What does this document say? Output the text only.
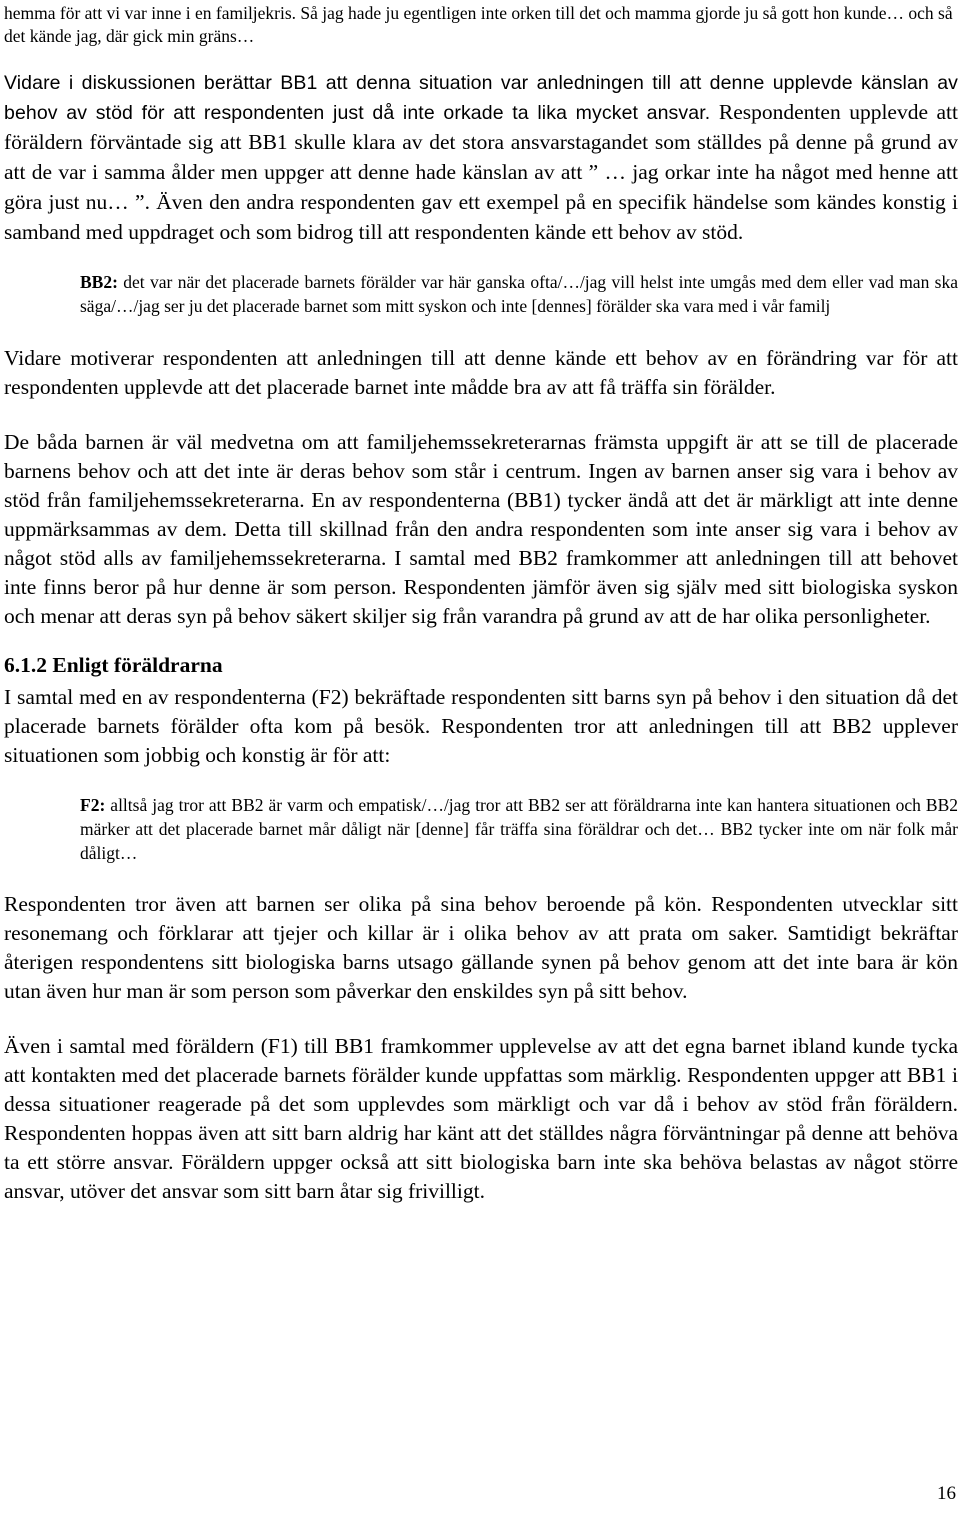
hemma för att vi var inne i en familjekris. Så jag hade ju egentligen inte orken till det och mamma gjorde ju så gott hon kunde… och så det kände jag, där gick min gräns…

Vidare i diskussionen berättar BB1 att denna situation var anledningen till att denne upplevde känslan av behov av stöd för att respondenten just då inte orkade ta lika mycket ansvar. Respondenten upplevde att föräldern förväntade sig att BB1 skulle klara av det stora ansvarstagandet som ställdes på denne på grund av att de var i samma ålder men uppger att denne hade känslan av att ” … jag orkar inte ha något med henne att göra just nu… ”. Även den andra respondenten gav ett exempel på en specifik händelse som kändes konstig i samband med uppdraget och som bidrog till att respondenten kände ett behov av stöd.

BB2: det var när det placerade barnets förälder var här ganska ofta/…/jag vill helst inte umgås med dem eller vad man ska säga/…/jag ser ju det placerade barnet som mitt syskon och inte [dennes] förälder ska vara med i vår familj

Vidare motiverar respondenten att anledningen till att denne kände ett behov av en förändring var för att respondenten upplevde att det placerade barnet inte mådde bra av att få träffa sin förälder.

De båda barnen är väl medvetna om att familjehemssekreterarnas främsta uppgift är att se till de placerade barnens behov och att det inte är deras behov som står i centrum. Ingen av barnen anser sig vara i behov av stöd från familjehemssekreterarna. En av respondenterna (BB1) tycker ändå att det är märkligt att inte denne uppmärksammas av dem. Detta till skillnad från den andra respondenten som inte anser sig vara i behov av något stöd alls av familjehemssekreterarna. I samtal med BB2 framkommer att anledningen till att behovet inte finns beror på hur denne är som person. Respondenten jämför även sig själv med sitt biologiska syskon och menar att deras syn på behov säkert skiljer sig från varandra på grund av att de har olika personligheter.

6.1.2 Enligt föräldrarna

I samtal med en av respondenterna (F2) bekräftade respondenten sitt barns syn på behov i den situation då det placerade barnets förälder ofta kom på besök. Respondenten tror att anledningen till att BB2 upplever situationen som jobbig och konstig är för att:

F2: alltså jag tror att BB2 är varm och empatisk/…/jag tror att BB2 ser att föräldrarna inte kan hantera situationen och BB2 märker att det placerade barnet mår dåligt när [denne] får träffa sina föräldrar och det… BB2 tycker inte om när folk mår dåligt…

Respondenten tror även att barnen ser olika på sina behov beroende på kön. Respondenten utvecklar sitt resonemang och förklarar att tjejer och killar är i olika behov av att prata om saker. Samtidigt bekräftar återigen respondentens sitt biologiska barns utsago gällande synen på behov genom att det inte bara är kön utan även hur man är som person som påverkar den enskildes syn på sitt behov.

Även i samtal med föräldern (F1) till BB1 framkommer upplevelse av att det egna barnet ibland kunde tycka att kontakten med det placerade barnets förälder kunde uppfattas som märklig. Respondenten uppger att BB1 i dessa situationer reagerade på det som upplevdes som märkligt och var då i behov av stöd från föräldern. Respondenten hoppas även att sitt barn aldrig har känt att det ställdes några förväntningar på denne att behöva ta ett större ansvar. Föräldern uppger också att sitt biologiska barn inte ska behöva belastas av något större ansvar, utöver det ansvar som sitt barn åtar sig frivilligt.

16
